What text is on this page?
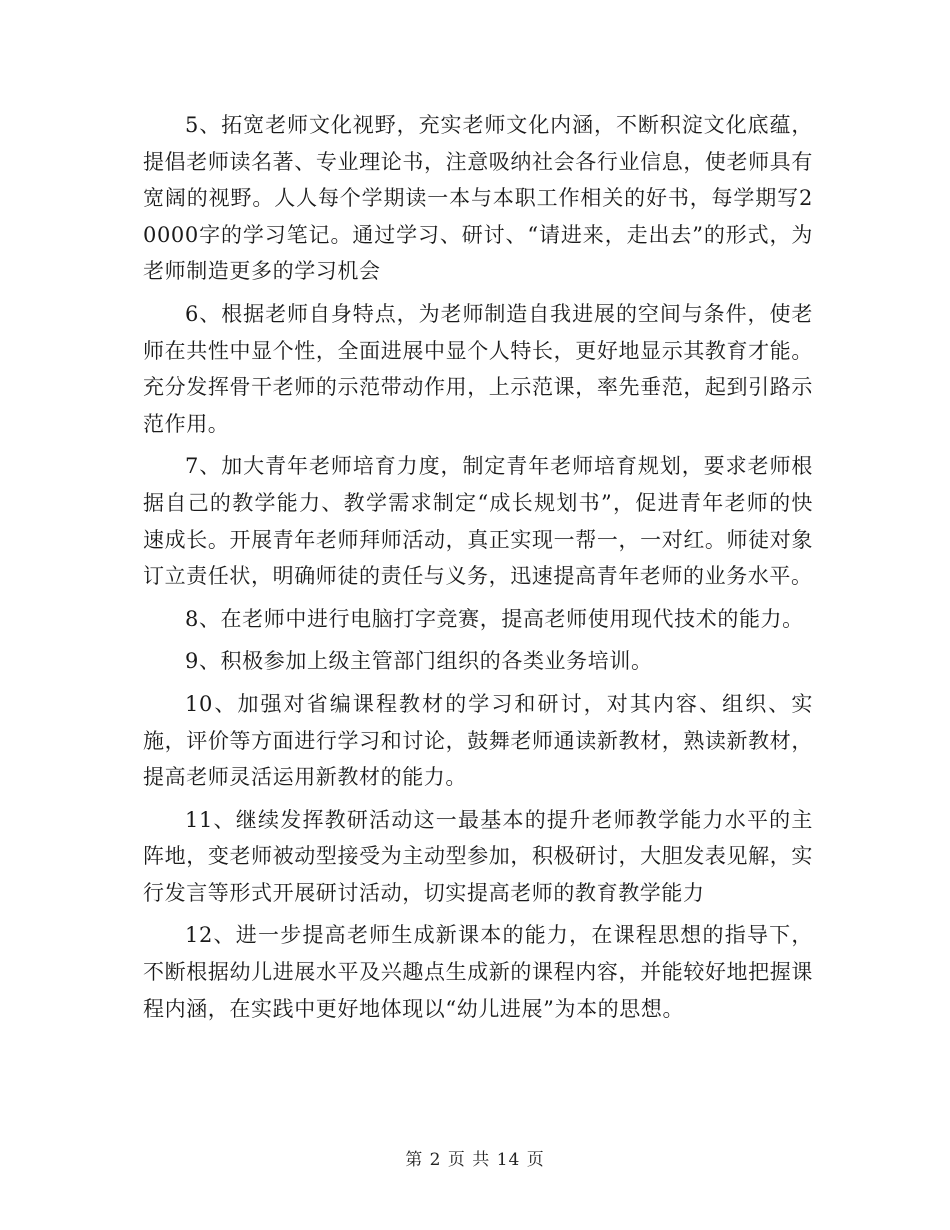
5、拓宽老师文化视野，充实老师文化内涵，不断积淀文化底蕴，提倡老师读名著、专业理论书，注意吸纳社会各行业信息，使老师具有宽阔的视野。人人每个学期读一本与本职工作相关的好书，每学期写20000字的学习笔记。通过学习、研讨、“请进来，走出去”的形式，为老师制造更多的学习机会

6、根据老师自身特点，为老师制造自我进展的空间与条件，使老师在共性中显个性，全面进展中显个人特长，更好地显示其教育才能。充分发挥骨干老师的示范带动作用，上示范课，率先垂范，起到引路示范作用。

7、加大青年老师培育力度，制定青年老师培育规划，要求老师根据自己的教学能力、教学需求制定“成长规划书”，促进青年老师的快速成长。开展青年老师拜师活动，真正实现一帮一，一对红。师徒对象订立责任状，明确师徒的责任与义务，迅速提高青年老师的业务水平。

8、在老师中进行电脑打字竞赛，提高老师使用现代技术的能力。

9、积极参加上级主管部门组织的各类业务培训。

10、加强对省编课程教材的学习和研讨，对其内容、组织、实施，评价等方面进行学习和讨论，鼓舞老师通读新教材，熟读新教材，提高老师灵活运用新教材的能力。

11、继续发挥教研活动这一最基本的提升老师教学能力水平的主阵地，变老师被动型接受为主动型参加，积极研讨，大胆发表见解，实行发言等形式开展研讨活动，切实提高老师的教育教学能力

12、进一步提高老师生成新课本的能力，在课程思想的指导下，不断根据幼儿进展水平及兴趣点生成新的课程内容，并能较好地把握课程内涵，在实践中更好地体现以“幼儿进展”为本的思想。

第 2 页 共 14 页
